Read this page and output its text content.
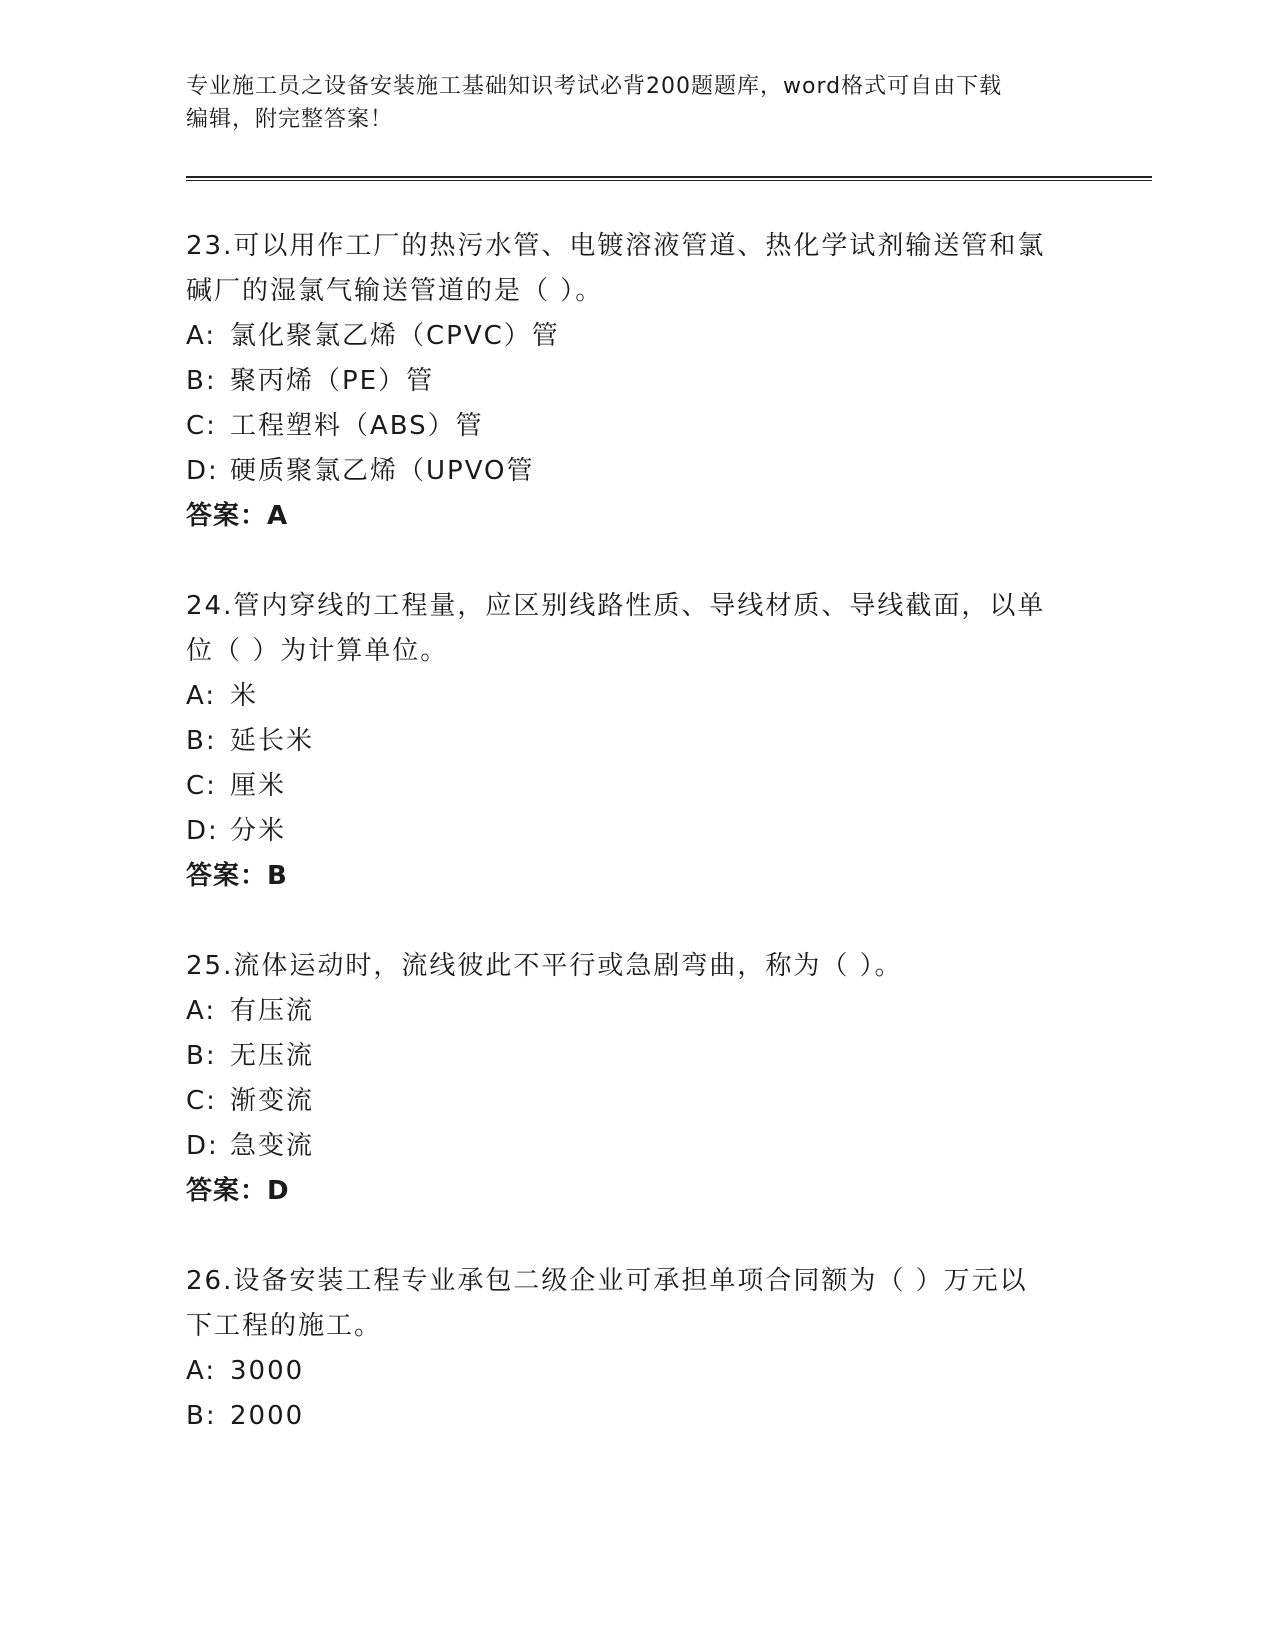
专业施工员之设备安装施工基础知识考试必背200题题库，word格式可自由下载
编辑，附完整答案！

23.可以用作工厂的热污水管、电镀溶液管道、热化学试剂输送管和氯

碱厂的湿氯气输送管道的是（ ）。

A: 氯化聚氯乙烯（CPVC）管

B: 聚丙烯（PE）管

C: 工程塑料（ABS）管

D: 硬质聚氯乙烯（UPVO管

答案：A

24.管内穿线的工程量，应区别线路性质、导线材质、导线截面，以单

位（ ）为计算单位。

A: 米

B: 延长米

C: 厘米

D: 分米

答案：B

25.流体运动时，流线彼此不平行或急剧弯曲，称为（ ）。

A: 有压流

B: 无压流

C: 渐变流

D: 急变流

答案：D

26.设备安装工程专业承包二级企业可承担单项合同额为（ ）万元以

下工程的施工。

A: 3000

B: 2000
